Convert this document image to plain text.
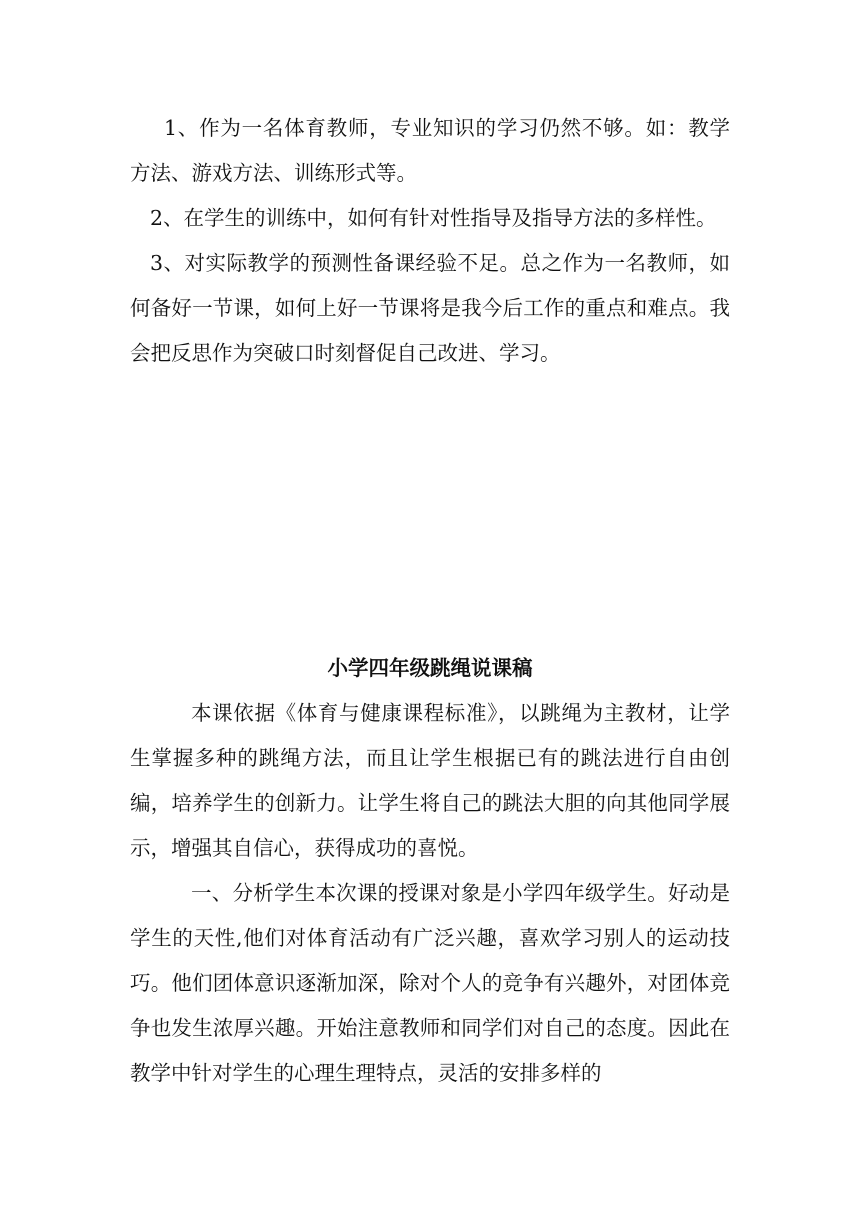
1、作为一名体育教师，专业知识的学习仍然不够。如：教学方法、游戏方法、训练形式等。

2、在学生的训练中，如何有针对性指导及指导方法的多样性。

3、对实际教学的预测性备课经验不足。总之作为一名教师，如何备好一节课，如何上好一节课将是我今后工作的重点和难点。我会把反思作为突破口时刻督促自己改进、学习。

小学四年级跳绳说课稿

本课依据《体育与健康课程标准》，以跳绳为主教材，让学生掌握多种的跳绳方法，而且让学生根据已有的跳法进行自由创编，培养学生的创新力。让学生将自己的跳法大胆的向其他同学展示，增强其自信心，获得成功的喜悦。

一、分析学生本次课的授课对象是小学四年级学生。好动是学生的天性,他们对体育活动有广泛兴趣，喜欢学习别人的运动技巧。他们团体意识逐渐加深，除对个人的竞争有兴趣外，对团体竞争也发生浓厚兴趣。开始注意教师和同学们对自己的态度。因此在教学中针对学生的心理生理特点，灵活的安排多样的
